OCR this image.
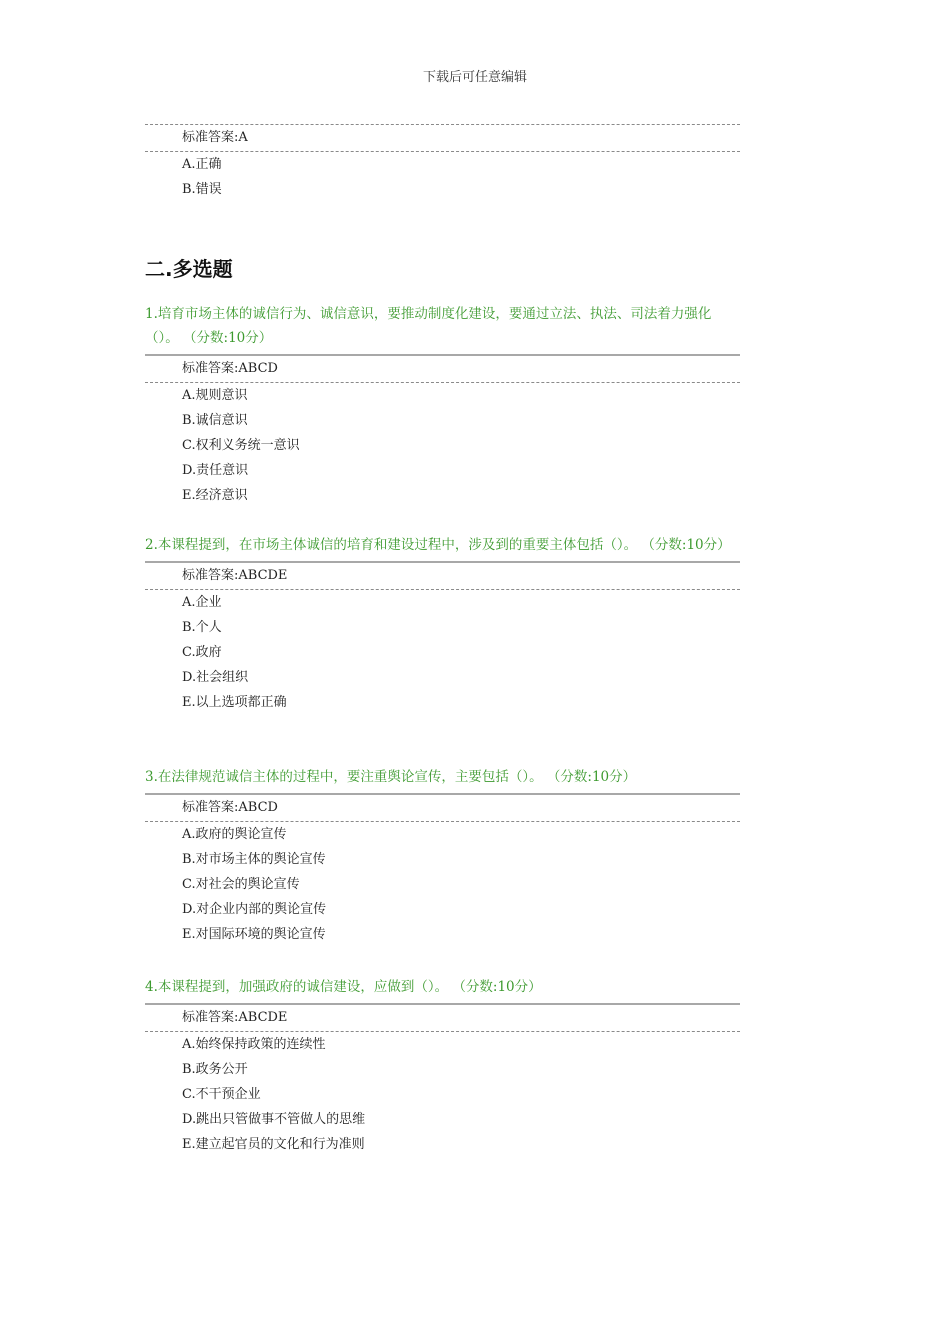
下载后可任意编辑
标准答案:A
A.正确
B.错误
二.多选题
1.培育市场主体的诚信行为、诚信意识，要推动制度化建设，要通过立法、执法、司法着力强化（）。 （分数:10分）
标准答案:ABCD
A.规则意识
B.诚信意识
C.权利义务统一意识
D.责任意识
E.经济意识
2.本课程提到，在市场主体诚信的培育和建设过程中，涉及到的重要主体包括（）。 （分数:10分）
标准答案:ABCDE
A.企业
B.个人
C.政府
D.社会组织
E.以上选项都正确
3.在法律规范诚信主体的过程中，要注重舆论宣传，主要包括（）。 （分数:10分）
标准答案:ABCD
A.政府的舆论宣传
B.对市场主体的舆论宣传
C.对社会的舆论宣传
D.对企业内部的舆论宣传
E.对国际环境的舆论宣传
4.本课程提到，加强政府的诚信建设，应做到（）。 （分数:10分）
标准答案:ABCDE
A.始终保持政策的连续性
B.政务公开
C.不干预企业
D.跳出只管做事不管做人的思维
E.建立起官员的文化和行为准则
